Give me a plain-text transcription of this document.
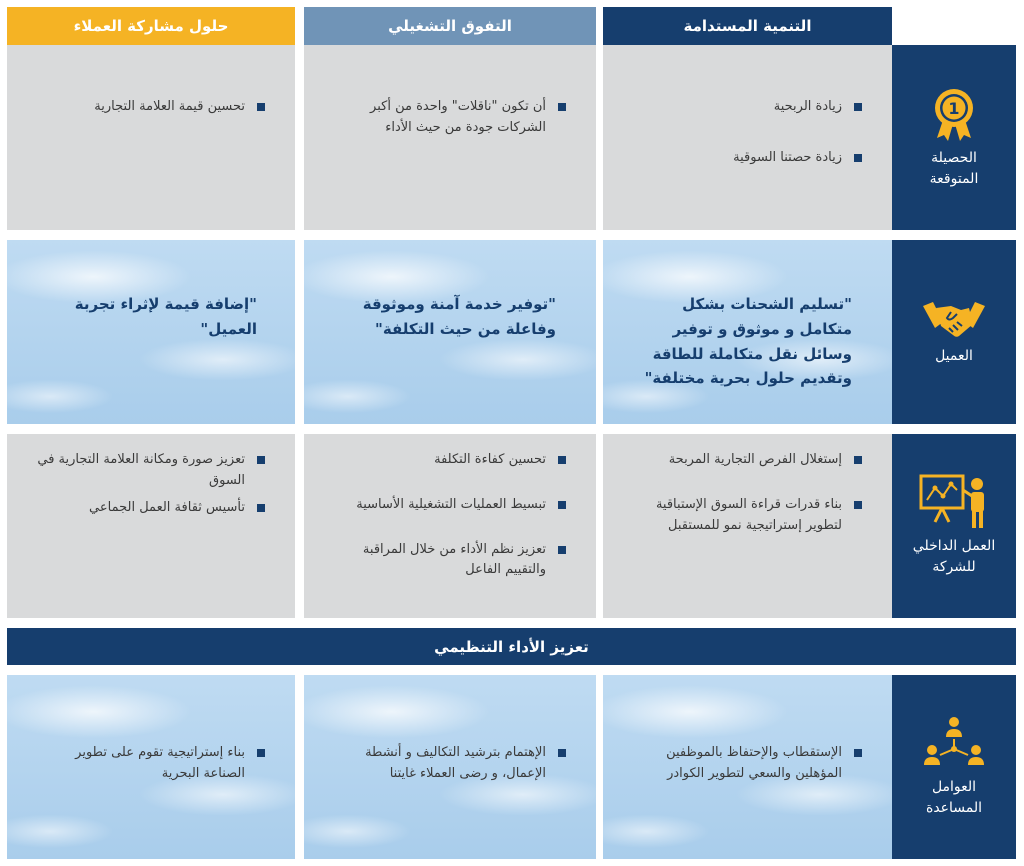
التنمية المستدامة
التفوق التشغيلي
حلول مشاركة العملاء
1
الحصيلة
المتوقعة
زيادة الربحية
زيادة حصتنا السوقية
أن تكون "ناقلات" واحدة من أكبر الشركات جودة من حيث الأداء
تحسين قيمة العلامة التجارية
العميل
"تسليم الشحنات بشكل متكامل و موثوق و توفير وسائل نقل متكاملة للطاقة وتقديم حلول بحرية مختلفة"
"توفير خدمة آمنة وموثوقة وفاعلة من حيث التكلفة"
"إضافة قيمة لإثراء تجربة العميل"
العمل الداخلي
للشركة
إستغلال الفرص التجارية المربحة
بناء قدرات قراءة السوق الإستباقية لتطوير إستراتيجية نمو للمستقبل
تحسين كفاءة التكلفة
تبسيط العمليات التشغيلية الأساسية
تعزيز نظم الأداء من خلال المراقبة والتقييم الفاعل
تعزيز صورة ومكانة العلامة التجارية في السوق
تأسيس ثقافة العمل الجماعي
تعزيز الأداء التنظيمي
العوامل
المساعدة
الإستقطاب والإحتفاظ بالموظفين المؤهلين والسعي لتطوير الكوادر
الإهتمام بترشيد التكاليف و أنشطة الإعمال، و رضى العملاء غايتنا
بناء إستراتيجية تقوم على تطوير الصناعة البحرية
